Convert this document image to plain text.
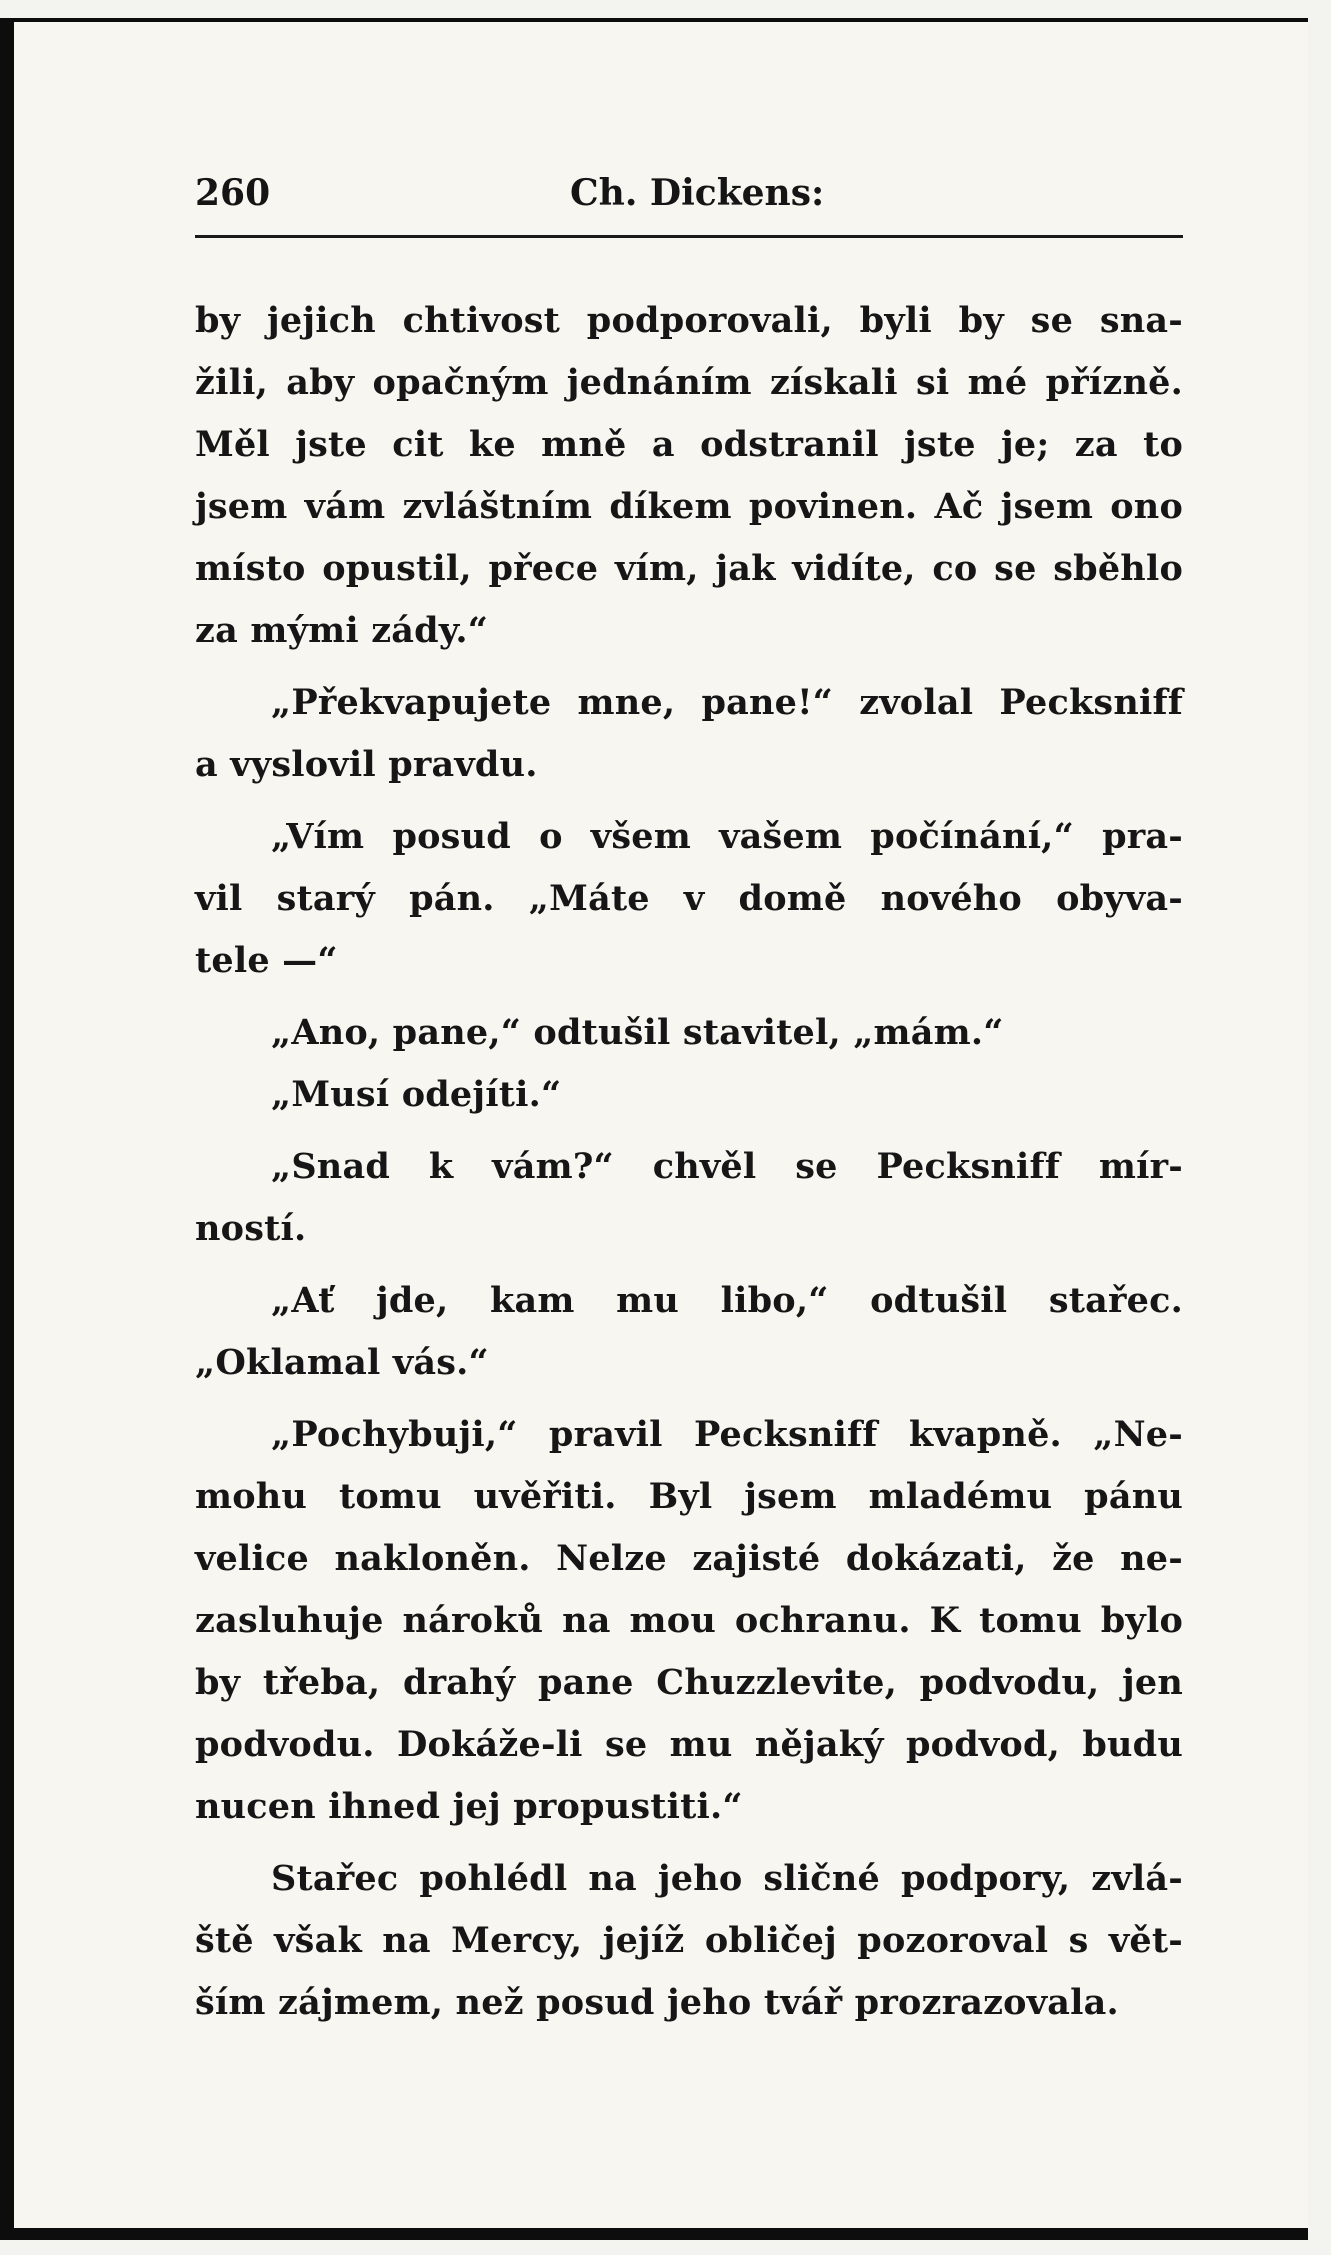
260	Ch. Dickens:
by jejich chtivost podporovali, byli by se sna-
žili, aby opačným jednáním získali si mé přízně.
Měl jste cit ke mně a odstranil jste je; za to
jsem vám zvláštním díkem povinen. Ač jsem ono
místo opustil, přece vím, jak vidíte, co se sběhlo
za mými zády.“
„Překvapujete mne, pane!“ zvolal Pecksniff
a vyslovil pravdu.
„Vím posud o všem vašem počínání,“ pra-
vil starý pán. „Máte v domě nového obyva-
tele —“
„Ano, pane,“ odtušil stavitel, „mám.“
„Musí odejíti.“
„Snad k vám?“ chvěl se Pecksniff mír-
ností.
„Ať jde, kam mu libo,“ odtušil stařec.
„Oklamal vás.“
„Pochybuji,“ pravil Pecksniff kvapně. „Ne-
mohu tomu uvěřiti. Byl jsem mladému pánu
velice nakloněn. Nelze zajisté dokázati, že ne-
zasluhuje nároků na mou ochranu. K tomu bylo
by třeba, drahý pane Chuzzlevite, podvodu, jen
podvodu. Dokáže-li se mu nějaký podvod, budu
nucen ihned jej propustiti.“
Stařec pohlédl na jeho sličné podpory, zvlá-
ště však na Mercy, jejíž obličej pozoroval s vět-
ším zájmem, než posud jeho tvář prozrazovala.
